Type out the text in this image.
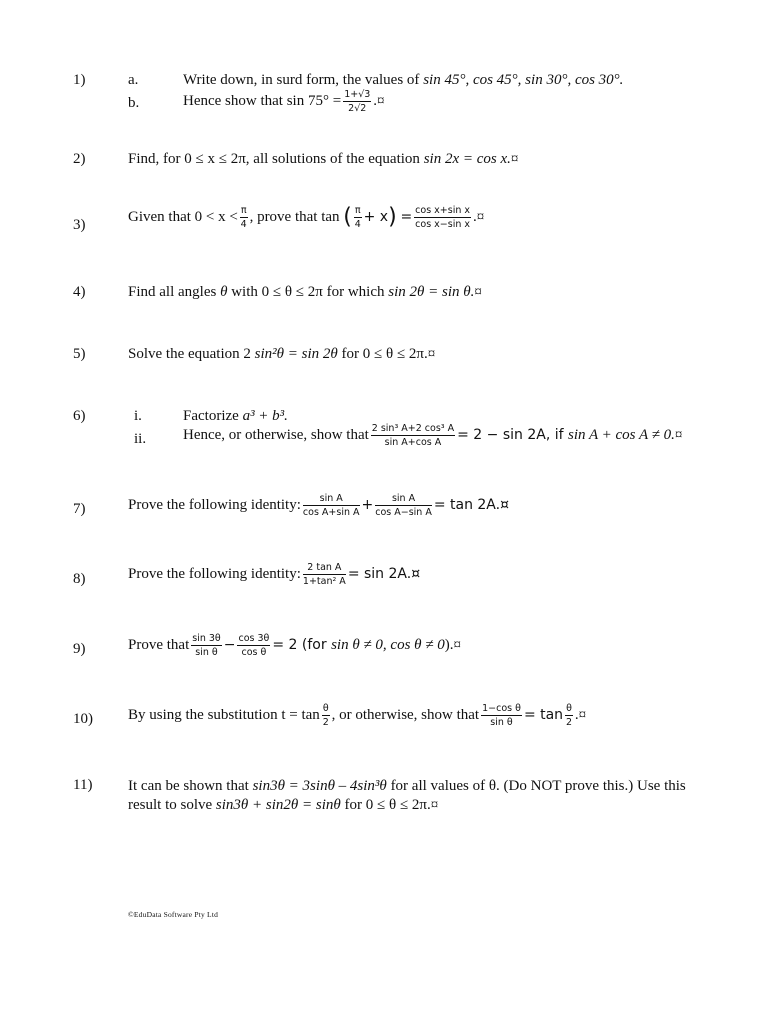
1)	a.	Write down, in surd form, the values of sin 45°, cos 45°, sin 30°, cos 30°.
b.	Hence show that $\sin 75^\circ = \frac{1+√3}{2√2}$ .¤
2)	Find, for 0 ≤ x ≤ 2π, all solutions of the equation sin 2x = cos x.¤
3)
Given that $0 < x < \frac{\pi}{4}$ , prove that tan ( $\frac{\pi}{4} + x) = \frac{\text{cos x+sin x}}{\text{cos x−sin x}}$ .¤
4)	Find all angles θ with 0 ≤ θ ≤ 2π for which sin 2θ = sin θ.¤
5)	Solve the equation 2 sin²θ = sin 2θ for 0 ≤ θ ≤ 2π.¤
6)	i.	Factorize a³ + b³.
ii. Hence, or otherwise, show that $\frac{\text{2 sin³ A+2 cos³ A}}{\text{sin A+cos A}} = 2 - \sin 2A$, if sin A + cos A ≠ 0.¤
7)	Prove the following identity: $\frac{\text{sin A}}{\text{cos A+sin A}} + \frac{\text{sin A}}{\text{cos A−sin A}} = \tan$ 2A.¤
8)	Prove the following identity: $\frac{\text{2 tan A}}{\text{1+tan² A}} = \sin$ 2A.¤
9)	Prove that $\frac{\sin 3\theta}{\text{sin θ}} - \frac{\cos 3\theta}{\text{cos θ}} = 2$ (for sin θ ≠ 0, cos θ ≠ 0).¤
10) By using the substitution $t = \tan \frac{\theta}{2}$ , or otherwise, show that $\frac{\text{1−cos θ}}{\text{sin θ}} = \tan \frac{\theta}{2}$ .¤
11) It can be shown that sin3θ = 3sinθ – 4sin³θ for all values of θ. (Do NOT prove this.) Use this
result to solve sin3θ + sin2θ = sinθ for 0 ≤ θ ≤ 2π.¤
©EduData Software Pty Ltd
